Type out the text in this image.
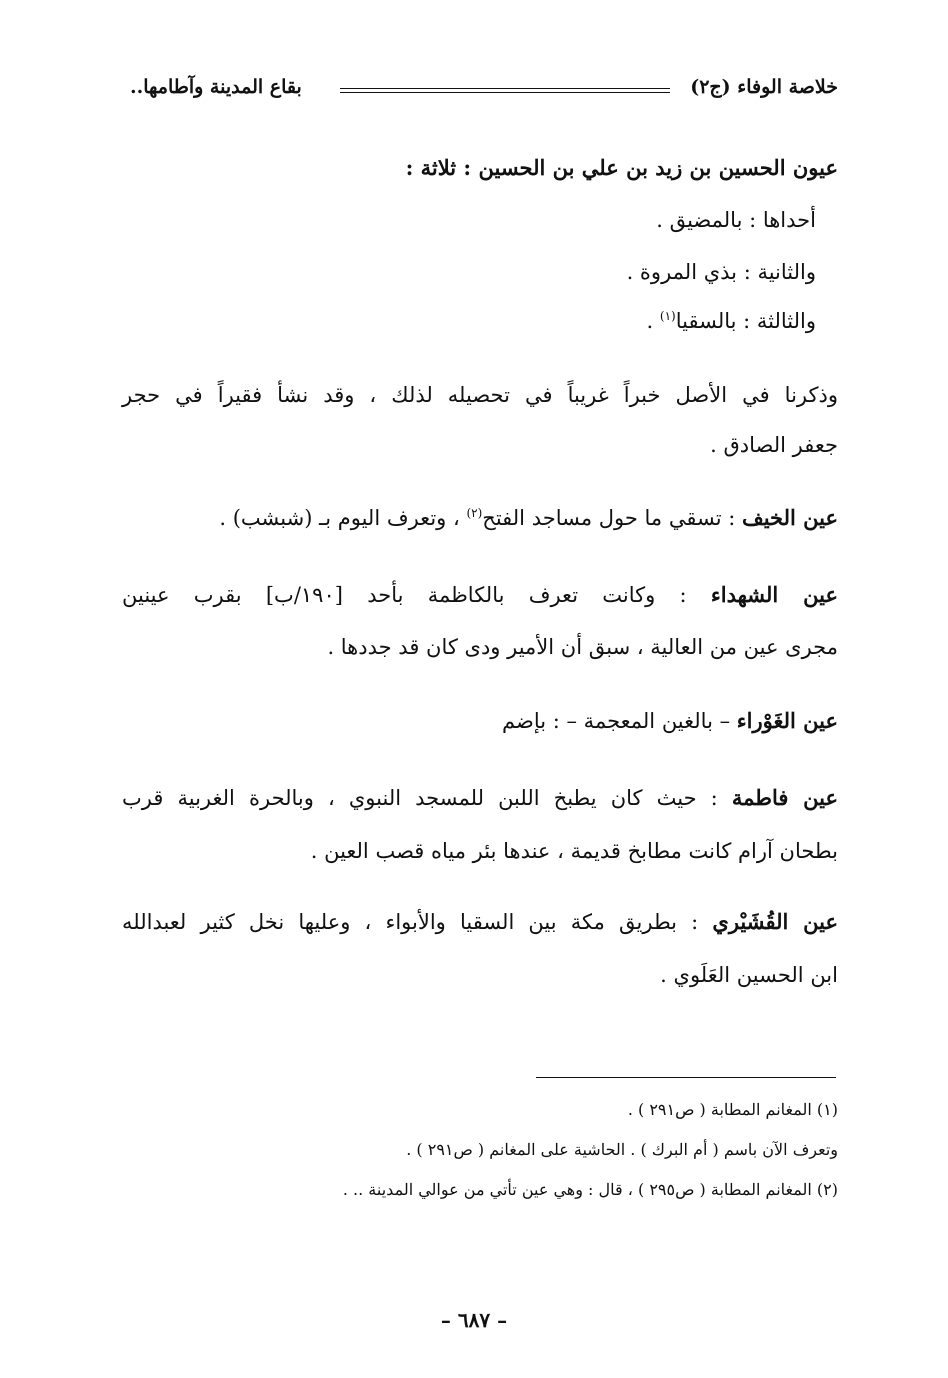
خلاصة الوفاء (ج٢)
بقاع المدينة وآطامها..
عيون الحسين بن زيد بن علي بن الحسين : ثلاثة :
أحداها : بالمضيق .
والثانية : بذي المروة .
والثالثة : بالسقيا$^{(١)}$ .
وذكرنا في الأصل خبراً غريباً في تحصيله لذلك ، وقد نشأ فقيراً في حجر
جعفر الصادق .
عين الخيف : تسقي ما حول مساجد الفتح$^{(٢)}$ ، وتعرف اليوم بـ (شبشب) .
عين الشهداء : وكانت تعرف بالكاظمة بأحد [١٩٠/ب] بقرب عينين
مجرى عين من العالية ، سبق أن الأمير ودى كان قد جددها .
عين الغَوْراء – بالغين المعجمة – : بإضم
عين فاطمة : حيث كان يطبخ اللبن للمسجد النبوي ، وبالحرة الغربية قرب
بطحان آرام كانت مطابخ قديمة ، عندها بئر مياه قصب العين .
عين القُشَيْري : بطريق مكة بين السقيا والأبواء ، وعليها نخل كثير لعبدالله
ابن الحسين العَلَوي .
(١) المغانم المطابة ( ص٢٩١ ) .
وتعرف الآن باسم ( أم البرك ) . الحاشية على المغانم ( ص٢٩١ ) .
(٢) المغانم المطابة ( ص٢٩٥ ) ، قال : وهي عين تأتي من عوالي المدينة .. .
– ٦٨٧ –
